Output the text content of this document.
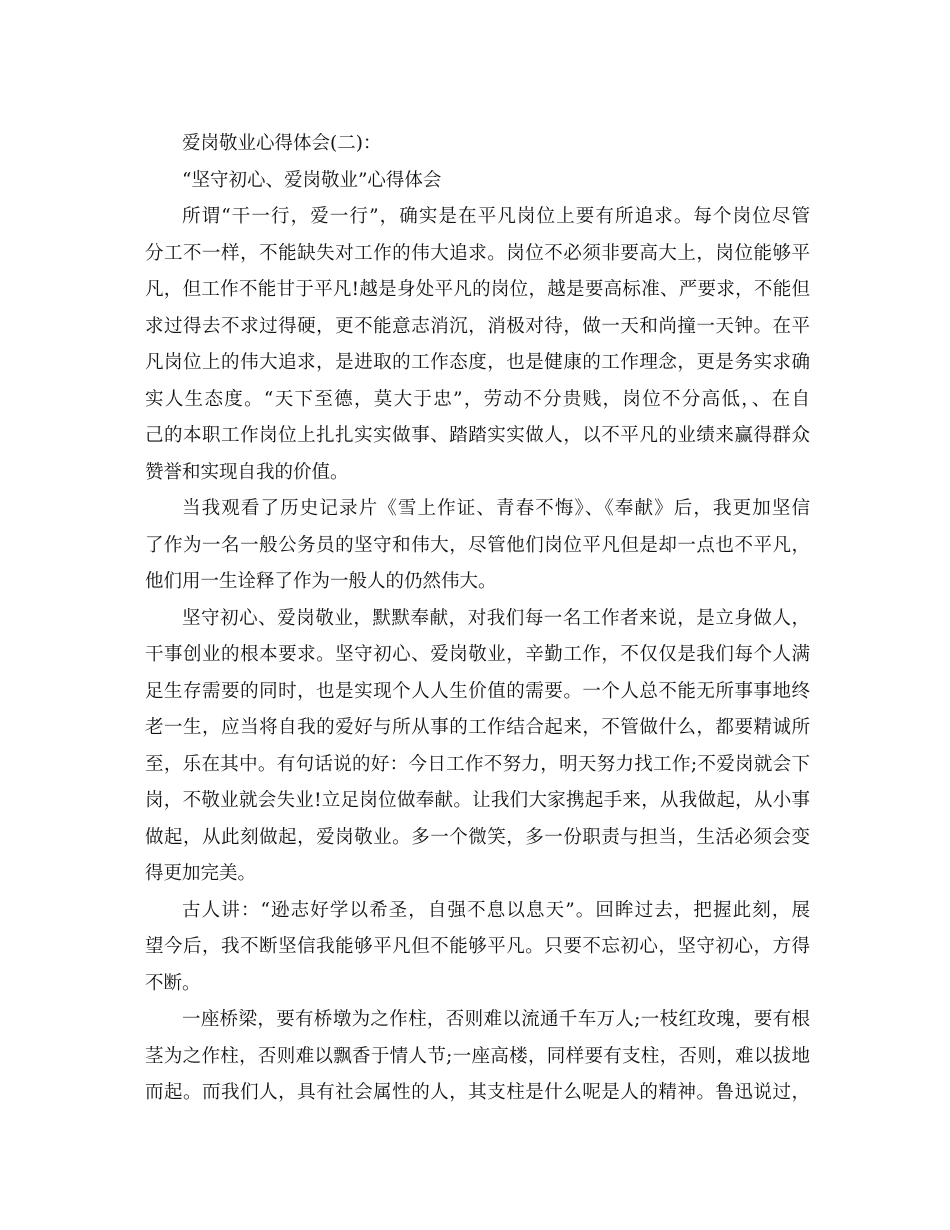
爱岗敬业心得体会(二)：
“坚守初心、爱岗敬业”心得体会
所谓“干一行，爱一行”，确实是在平凡岗位上要有所追求。每个岗位尽管
分工不一样，不能缺失对工作的伟大追求。岗位不必须非要高大上，岗位能够平
凡，但工作不能甘于平凡!越是身处平凡的岗位，越是要高标准、严要求，不能但
求过得去不求过得硬，更不能意志消沉，消极对待，做一天和尚撞一天钟。在平
凡岗位上的伟大追求，是进取的工作态度，也是健康的工作理念，更是务实求确
实人生态度。“天下至德，莫大于忠”，劳动不分贵贱，岗位不分高低，、在自
己的本职工作岗位上扎扎实实做事、踏踏实实做人，以不平凡的业绩来赢得群众
赞誉和实现自我的价值。
当我观看了历史记录片《雪上作证、青春不悔》、《奉献》后，我更加坚信
了作为一名一般公务员的坚守和伟大，尽管他们岗位平凡但是却一点也不平凡，
他们用一生诠释了作为一般人的仍然伟大。
坚守初心、爱岗敬业，默默奉献，对我们每一名工作者来说，是立身做人，
干事创业的根本要求。坚守初心、爱岗敬业，辛勤工作，不仅仅是我们每个人满
足生存需要的同时，也是实现个人人生价值的需要。一个人总不能无所事事地终
老一生，应当将自我的爱好与所从事的工作结合起来，不管做什么，都要精诚所
至，乐在其中。有句话说的好：今日工作不努力，明天努力找工作;不爱岗就会下
岗，不敬业就会失业!立足岗位做奉献。让我们大家携起手来，从我做起，从小事
做起，从此刻做起，爱岗敬业。多一个微笑，多一份职责与担当，生活必须会变
得更加完美。
古人讲：“逊志好学以希圣，自强不息以息天”。回眸过去，把握此刻，展
望今后，我不断坚信我能够平凡但不能够平凡。只要不忘初心，坚守初心，方得
不断。
一座桥梁，要有桥墩为之作柱，否则难以流通千车万人;一枝红玫瑰，要有根
茎为之作柱，否则难以飘香于情人节;一座高楼，同样要有支柱，否则，难以拔地
而起。而我们人，具有社会属性的人，其支柱是什么呢是人的精神。鲁迅说过，
